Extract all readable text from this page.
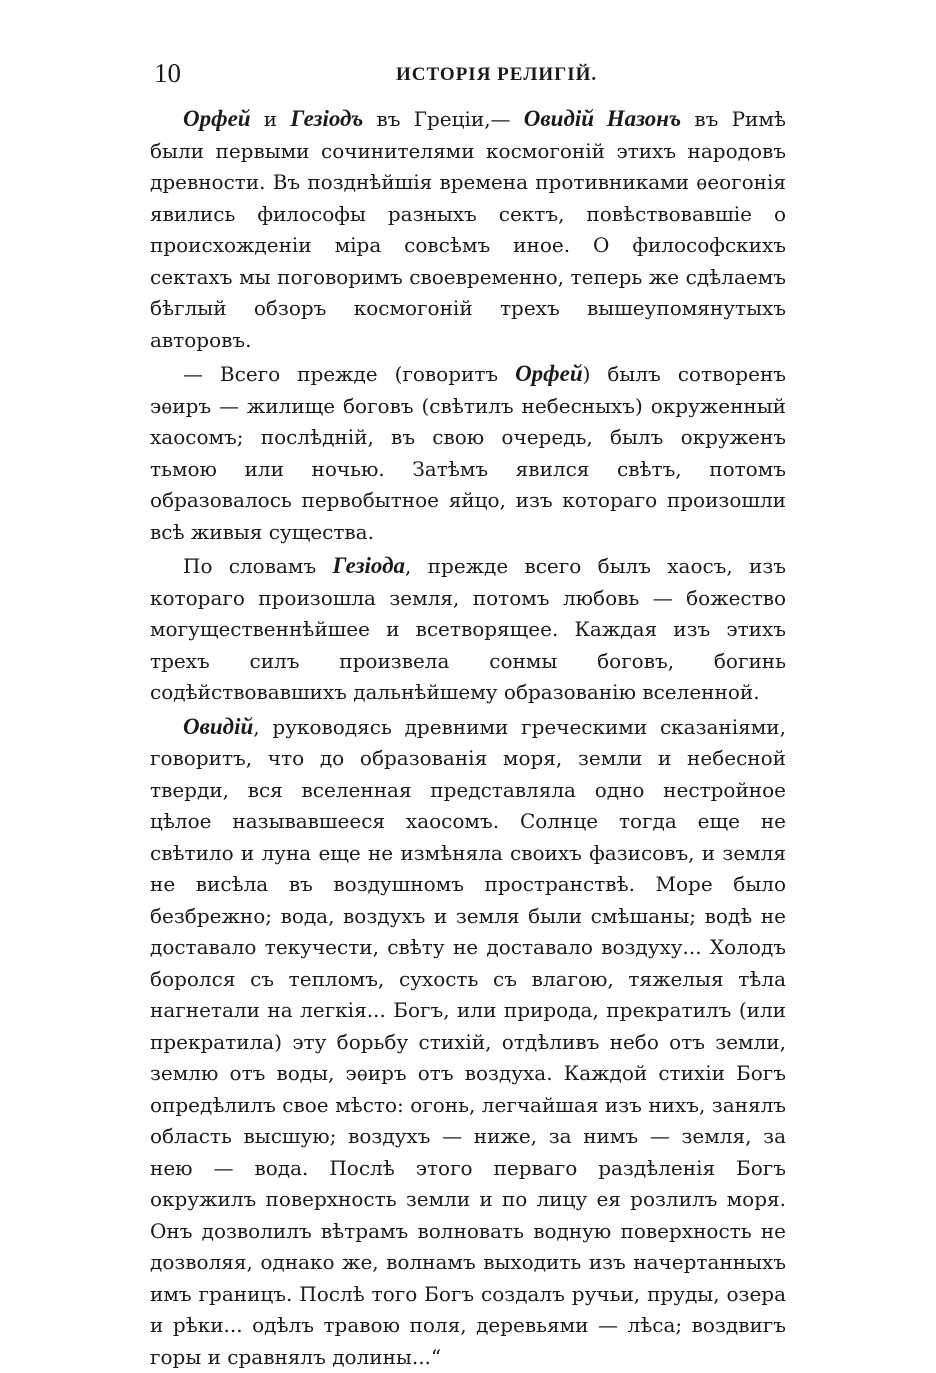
10	ИСТОРІЯ РЕЛИГІЙ.

Орфей и Гезіодъ въ Греціи,— Овидій Назонъ въ Римѣ были первыми сочинителями космогоній этихъ народовъ древности. Въ позднѣйшія времена противниками ѳеогонія явились философы разныхъ сектъ, повѣствовавшіе о происхожденіи міра совсѣмъ иное. О философскихъ сектахъ мы поговоримъ своевременно, теперь же сдѣлаемъ бѣглый обзоръ космогоній трехъ вышеупомянутыхъ авторовъ.

— Всего прежде (говоритъ Орфей) былъ сотворенъ эѳиръ — жилище боговъ (свѣтилъ небесныхъ) окруженный хаосомъ; послѣдній, въ свою очередь, былъ окруженъ тьмою или ночью. Затѣмъ явился свѣтъ, потомъ образовалось первобытное яйцо, изъ котораго произошли всѣ живыя существа.

По словамъ Гезіода, прежде всего былъ хаосъ, изъ котораго произошла земля, потомъ любовь — божество могущественнѣйшее и всетворящее. Каждая изъ этихъ трехъ силъ произвела сонмы боговъ, богинь содѣйствовавшихъ дальнѣйшему образованію вселенной.

Овидій, руководясь древними греческими сказаніями, говоритъ, что до образованія моря, земли и небесной тверди, вся вселенная представляла одно нестройное цѣлое называвшееся хаосомъ. Солнце тогда еще не свѣтило и луна еще не измѣняла своихъ фазисовъ, и земля не висѣла въ воздушномъ пространствѣ. Море было безбрежно; вода, воздухъ и земля были смѣшаны; водѣ не доставало текучести, свѣту не доставало воздуху... Холодъ боролся съ тепломъ, сухость съ влагою, тяжелыя тѣла нагнетали на легкія... Богъ, или природа, прекратилъ (или прекратила) эту борьбу стихій, отдѣливъ небо отъ земли, землю отъ воды, эѳиръ отъ воздуха. Каждой стихіи Богъ опредѣлилъ свое мѣсто: огонь, легчайшая изъ нихъ, занялъ область высшую; воздухъ — ниже, за нимъ — земля, за нею — вода. Послѣ этого перваго раздѣленія Богъ окружилъ поверхность земли и по лицу ея розлилъ моря. Онъ дозволилъ вѣтрамъ волновать водную поверхность не дозволяя, однако же, волнамъ выходить изъ начертанныхъ имъ границъ. Послѣ того Богъ создалъ ручьи, пруды, озера и рѣки... одѣлъ травою поля, деревьями — лѣса; воздвигъ горы и сравнялъ долины...“
